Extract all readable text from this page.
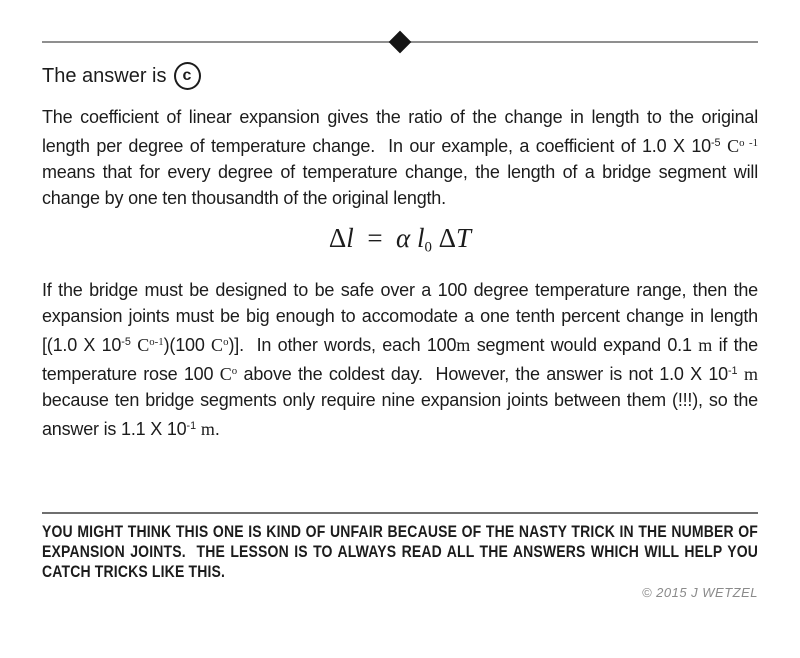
The answer is c

The coefficient of linear expansion gives the ratio of the change in length to the original length per degree of temperature change.  In our example, a coefficient of 1.0 X $10^{-5}$ $C^{o -1}$ means that for every degree of temperature change, the length of a bridge segment will change by one ten thousandth of the original length.

Δl  =  α l0 ΔT

If the bridge must be designed to be safe over a 100 degree temperature range, then the expansion joints must be big enough to accomodate a one tenth percent change in length [(1.0 X $10^{-5}$ $C^{o-1})(100$ $C^o$)].  In other words, each 100m segment would expand 0.1 m if the temperature rose 100 $C^o$ above the coldest day.  However, the answer is not 1.0 X $10^{-1}$ m because ten bridge segments only require nine expansion joints between them (!!!), so the answer is 1.1 X $10^{-1}$ m.

YOU MIGHT THINK THIS ONE IS KIND OF UNFAIR BECAUSE OF THE NASTY TRICK IN THE NUMBER OF EXPANSION JOINTS.  THE LESSON IS TO ALWAYS READ ALL THE ANSWERS WHICH WILL HELP YOU CATCH TRICKS LIKE THIS.

© 2015 J WETZEL
